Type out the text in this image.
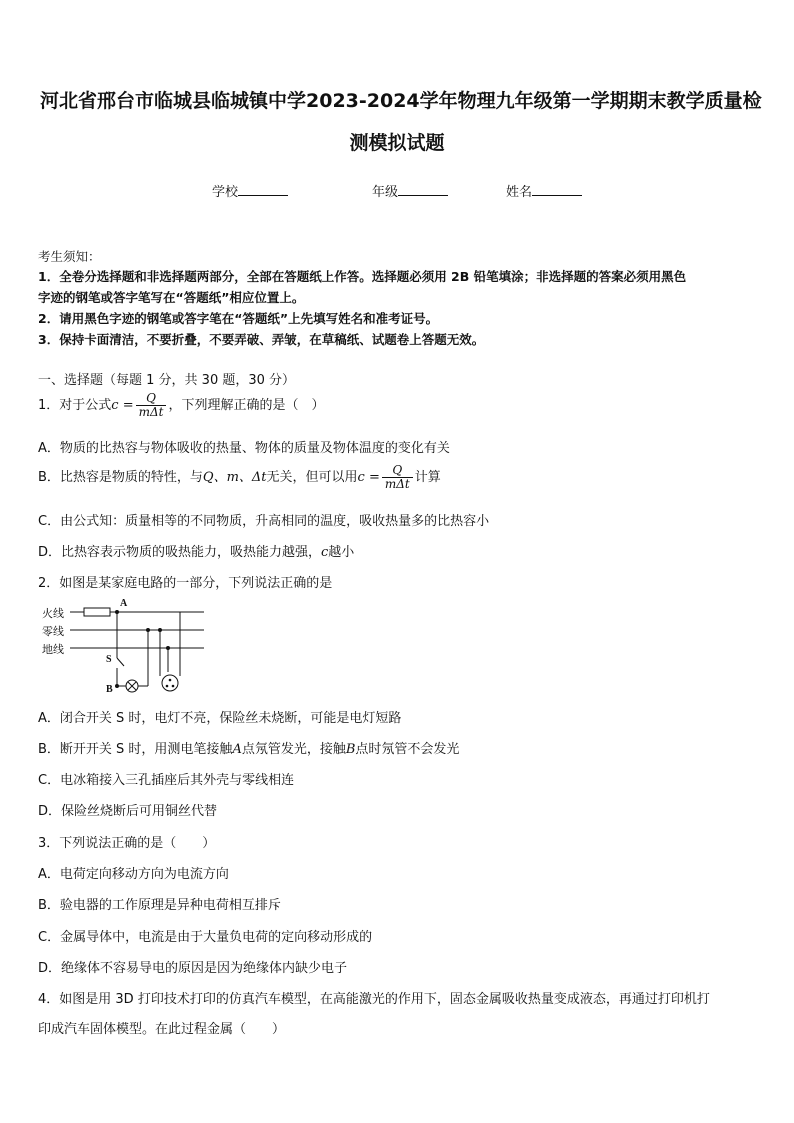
河北省邢台市临城县临城镇中学2023-2024学年物理九年级第一学期期末教学质量检
测模拟试题
学校	年级	姓名
考生须知：
1．全卷分选择题和非选择题两部分，全部在答题纸上作答。选择题必须用 2B 铅笔填涂；非选择题的答案必须用黑色
字迹的钢笔或答字笔写在“答题纸”相应位置上。
2．请用黑色字迹的钢笔或答字笔在“答题纸”上先填写姓名和准考证号。
3．保持卡面清洁，不要折叠，不要弄破、弄皱，在草稿纸、试题卷上答题无效。
一、选择题（每题 1 分，共 30 题，30 分）
1．对于公式$c = \frac{Q}{\text{mΔt}}$ ，下列理解正确的是（　）
A．物质的比热容与物体吸收的热量、物体的质量及物体温度的变化有关
B．比热容是物质的特性，与Q、m、Δt无关，但可以用$c = \frac{Q}{\text{mΔt}}$ 计算
C．由公式知：质量相等的不同物质，升高相同的温度，吸收热量多的比热容小
D．比热容表示物质的吸热能力，吸热能力越强，c越小
2．如图是某家庭电路的一部分，下列说法正确的是
火线
零线
地线
A
B
S
A．闭合开关 S 时，电灯不亮，保险丝未烧断，可能是电灯短路
B．断开开关 S 时，用测电笔接触A点氖管发光，接触B点时氖管不会发光
C．电冰箱接入三孔插座后其外壳与零线相连
D．保险丝烧断后可用铜丝代替
3．下列说法正确的是（　　）
A．电荷定向移动方向为电流方向
B．验电器的工作原理是异种电荷相互排斥
C．金属导体中，电流是由于大量负电荷的定向移动形成的
D．绝缘体不容易导电的原因是因为绝缘体内缺少电子
4．如图是用 3D 打印技术打印的仿真汽车模型，在高能激光的作用下，固态金属吸收热量变成液态，再通过打印机打
印成汽车固体模型。在此过程金属（　　）
